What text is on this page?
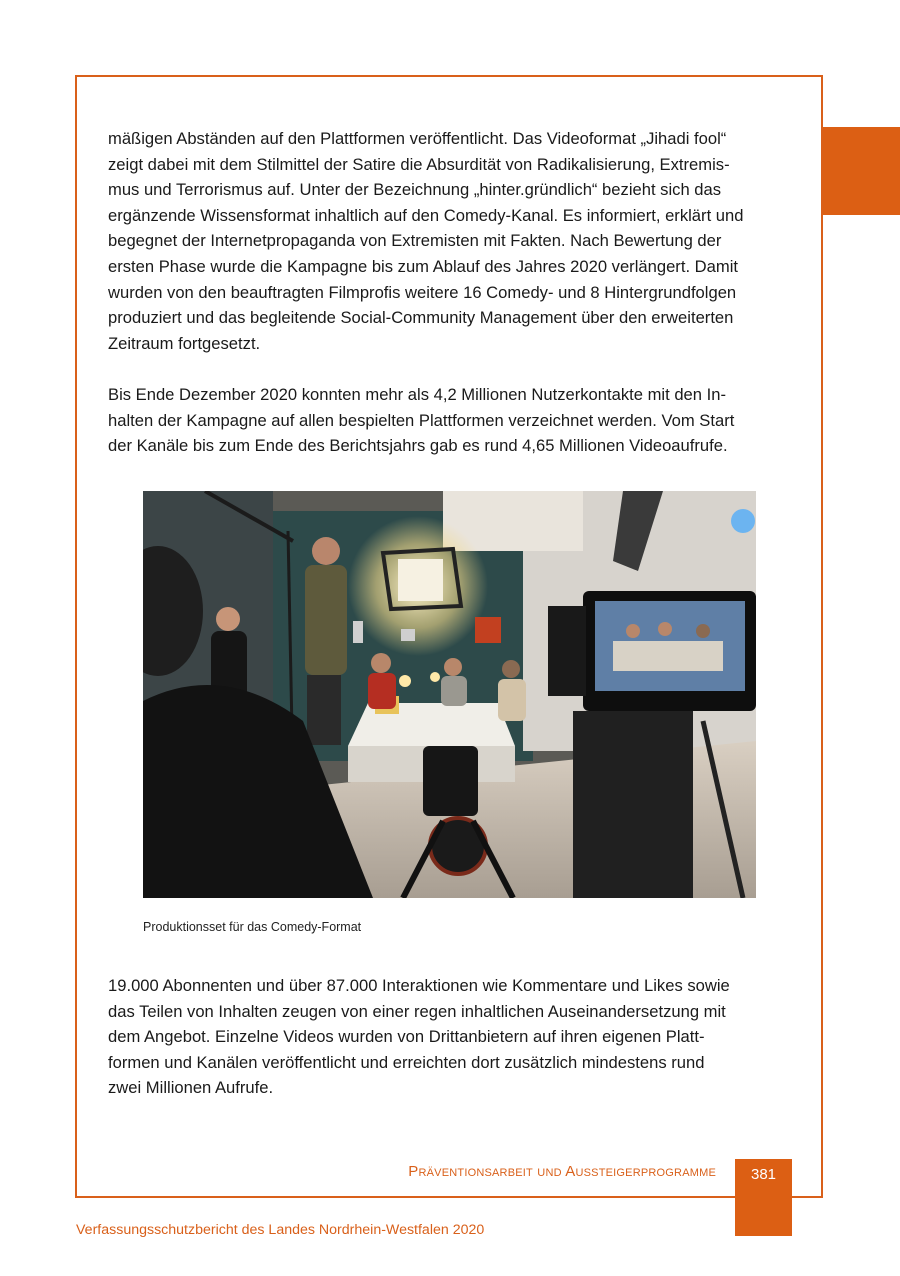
mäßigen Abständen auf den Plattformen veröffentlicht. Das Videoformat „Jihadi fool“
zeigt dabei mit dem Stilmittel der Satire die Absurdität von Radikalisierung, Extremis-
mus und Terrorismus auf. Unter der Bezeichnung „hinter.gründlich“ bezieht sich das
ergänzende Wissensformat inhaltlich auf den Comedy-Kanal. Es informiert, erklärt und
begegnet der Internetpropaganda von Extremisten mit Fakten. Nach Bewertung der
ersten Phase wurde die Kampagne bis zum Ablauf des Jahres 2020 verlängert. Damit
wurden von den beauftragten Filmprofis weitere 16 Comedy- und 8 Hintergrundfolgen
produziert und das begleitende Social-Community Management über den erweiterten
Zeitraum fortgesetzt.

Bis Ende Dezember 2020 konnten mehr als 4,2 Millionen Nutzerkontakte mit den In-
halten der Kampagne auf allen bespielten Plattformen verzeichnet werden. Vom Start
der Kanäle bis zum Ende des Berichtsjahrs gab es rund 4,65 Millionen Videoaufrufe.

Produktionsset für das Comedy-Format

19.000 Abonnenten und über 87.000 Interaktionen wie Kommentare und Likes sowie
das Teilen von Inhalten zeugen von einer regen inhaltlichen Auseinandersetzung mit
dem Angebot. Einzelne Videos wurden von Drittanbietern auf ihren eigenen Platt-
formen und Kanälen veröffentlicht und erreichten dort zusätzlich mindestens rund
zwei Millionen Aufrufe.

Präventionsarbeit und Aussteigerprogramme	381
Verfassungsschutzbericht des Landes Nordrhein-Westfalen 2020
